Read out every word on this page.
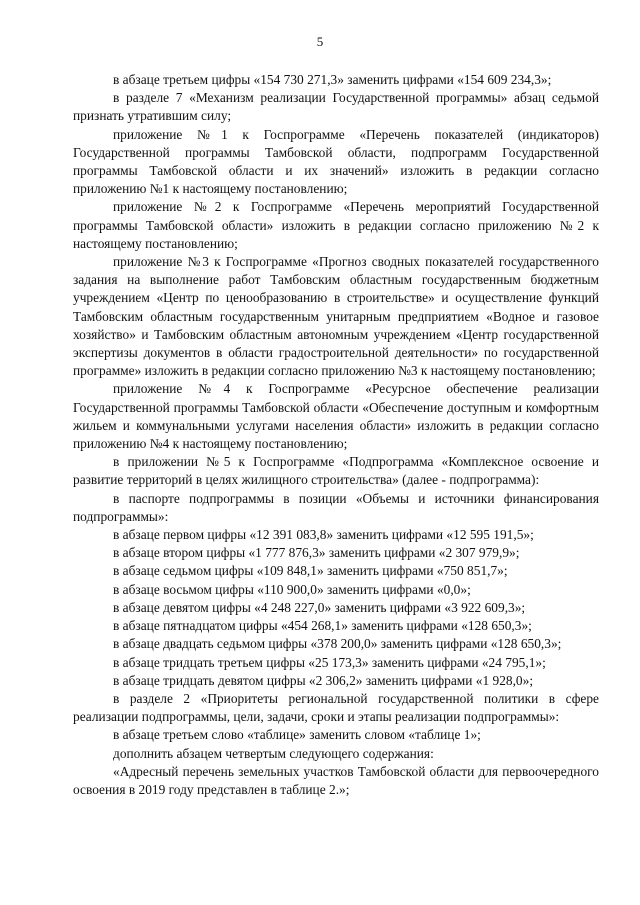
5

в абзаце третьем цифры «154 730 271,3» заменить цифрами «154 609 234,3»;

в разделе 7 «Механизм реализации Государственной программы» абзац седьмой признать утратившим силу;

приложение №1 к Госпрограмме «Перечень показателей (индикаторов) Государственной программы Тамбовской области, подпрограмм Государственной программы Тамбовской области и их значений» изложить в редакции согласно приложению №1 к настоящему постановлению;

приложение №2 к Госпрограмме «Перечень мероприятий Государственной программы Тамбовской области» изложить в редакции согласно приложению №2 к настоящему постановлению;

приложение №3 к Госпрограмме «Прогноз сводных показателей государственного задания на выполнение работ Тамбовским областным государственным бюджетным учреждением «Центр по ценообразованию в строительстве» и осуществление функций Тамбовским областным государственным унитарным предприятием «Водное и газовое хозяйство» и Тамбовским областным автономным учреждением «Центр государственной экспертизы документов в области градостроительной деятельности» по государственной программе» изложить в редакции согласно приложению №3 к настоящему постановлению;

приложение №4 к Госпрограмме «Ресурсное обеспечение реализации Государственной программы Тамбовской области «Обеспечение доступным и комфортным жильем и коммунальными услугами населения области» изложить в редакции согласно приложению №4 к настоящему постановлению;

в приложении №5 к Госпрограмме «Подпрограмма «Комплексное освоение и развитие территорий в целях жилищного строительства» (далее - подпрограмма):

в паспорте подпрограммы в позиции «Объемы и источники финансирования подпрограммы»:

в абзаце первом цифры «12 391 083,8» заменить цифрами «12 595 191,5»;

в абзаце втором цифры «1 777 876,3» заменить цифрами «2 307 979,9»;

в абзаце седьмом цифры «109 848,1» заменить цифрами «750 851,7»;

в абзаце восьмом цифры «110 900,0» заменить цифрами «0,0»;

в абзаце девятом цифры «4 248 227,0» заменить цифрами «3 922 609,3»;

в абзаце пятнадцатом цифры «454 268,1» заменить цифрами «128 650,3»;

в абзаце двадцать седьмом цифры «378 200,0» заменить цифрами «128 650,3»;

в абзаце тридцать третьем цифры «25 173,3» заменить цифрами «24 795,1»;

в абзаце тридцать девятом цифры «2 306,2» заменить цифрами «1 928,0»;

в разделе 2 «Приоритеты региональной государственной политики в сфере реализации подпрограммы, цели, задачи, сроки и этапы реализации подпрограммы»:

в абзаце третьем слово «таблице» заменить словом «таблице 1»;

дополнить абзацем четвертым следующего содержания:

«Адресный перечень земельных участков Тамбовской области для первоочередного освоения в 2019 году представлен в таблице 2.»;
